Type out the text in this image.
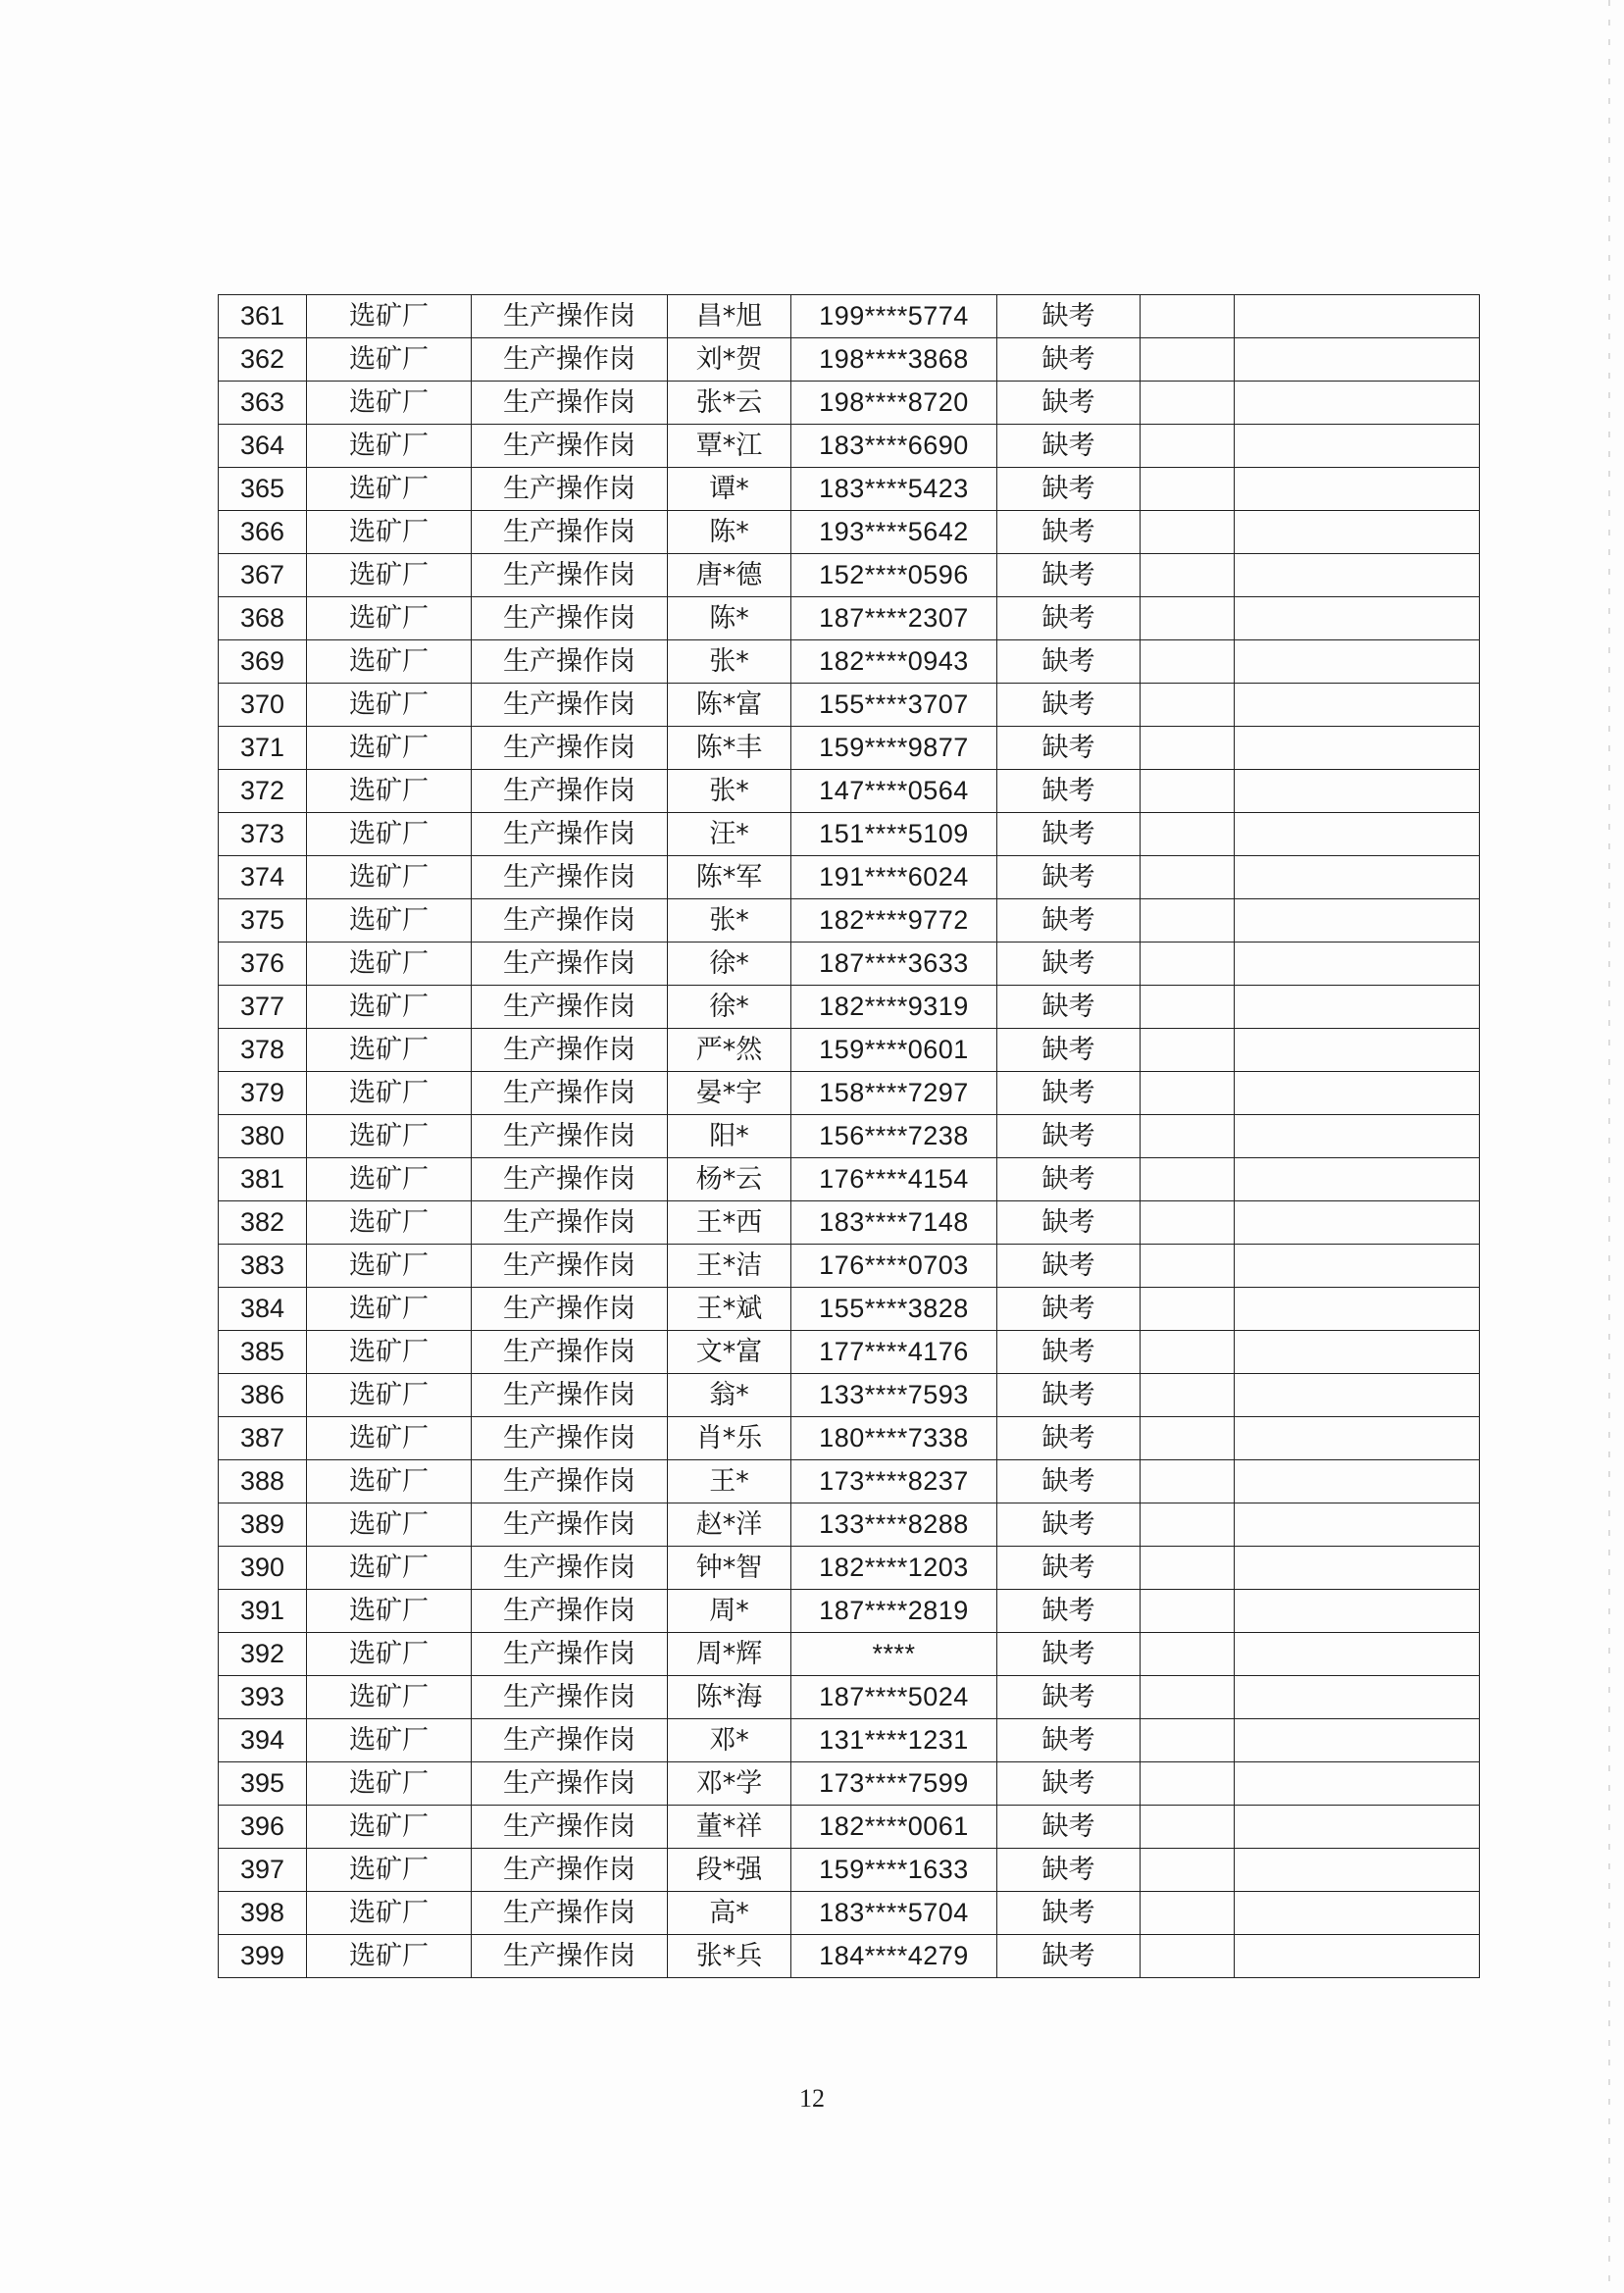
361	选矿厂	生产操作岗	昌*旭	199****5774	缺考		
362	选矿厂	生产操作岗	刘*贺	198****3868	缺考		
363	选矿厂	生产操作岗	张*云	198****8720	缺考		
364	选矿厂	生产操作岗	覃*江	183****6690	缺考		
365	选矿厂	生产操作岗	谭*	183****5423	缺考		
366	选矿厂	生产操作岗	陈*	193****5642	缺考		
367	选矿厂	生产操作岗	唐*德	152****0596	缺考		
368	选矿厂	生产操作岗	陈*	187****2307	缺考		
369	选矿厂	生产操作岗	张*	182****0943	缺考		
370	选矿厂	生产操作岗	陈*富	155****3707	缺考		
371	选矿厂	生产操作岗	陈*丰	159****9877	缺考		
372	选矿厂	生产操作岗	张*	147****0564	缺考		
373	选矿厂	生产操作岗	汪*	151****5109	缺考		
374	选矿厂	生产操作岗	陈*军	191****6024	缺考		
375	选矿厂	生产操作岗	张*	182****9772	缺考		
376	选矿厂	生产操作岗	徐*	187****3633	缺考		
377	选矿厂	生产操作岗	徐*	182****9319	缺考		
378	选矿厂	生产操作岗	严*然	159****0601	缺考		
379	选矿厂	生产操作岗	晏*宇	158****7297	缺考		
380	选矿厂	生产操作岗	阳*	156****7238	缺考		
381	选矿厂	生产操作岗	杨*云	176****4154	缺考		
382	选矿厂	生产操作岗	王*西	183****7148	缺考		
383	选矿厂	生产操作岗	王*洁	176****0703	缺考		
384	选矿厂	生产操作岗	王*斌	155****3828	缺考		
385	选矿厂	生产操作岗	文*富	177****4176	缺考		
386	选矿厂	生产操作岗	翁*	133****7593	缺考		
387	选矿厂	生产操作岗	肖*乐	180****7338	缺考		
388	选矿厂	生产操作岗	王*	173****8237	缺考		
389	选矿厂	生产操作岗	赵*洋	133****8288	缺考		
390	选矿厂	生产操作岗	钟*智	182****1203	缺考		
391	选矿厂	生产操作岗	周*	187****2819	缺考		
392	选矿厂	生产操作岗	周*辉	****	缺考		
393	选矿厂	生产操作岗	陈*海	187****5024	缺考		
394	选矿厂	生产操作岗	邓*	131****1231	缺考		
395	选矿厂	生产操作岗	邓*学	173****7599	缺考		
396	选矿厂	生产操作岗	董*祥	182****0061	缺考		
397	选矿厂	生产操作岗	段*强	159****1633	缺考		
398	选矿厂	生产操作岗	高*	183****5704	缺考		
399	选矿厂	生产操作岗	张*兵	184****4279	缺考		
12
